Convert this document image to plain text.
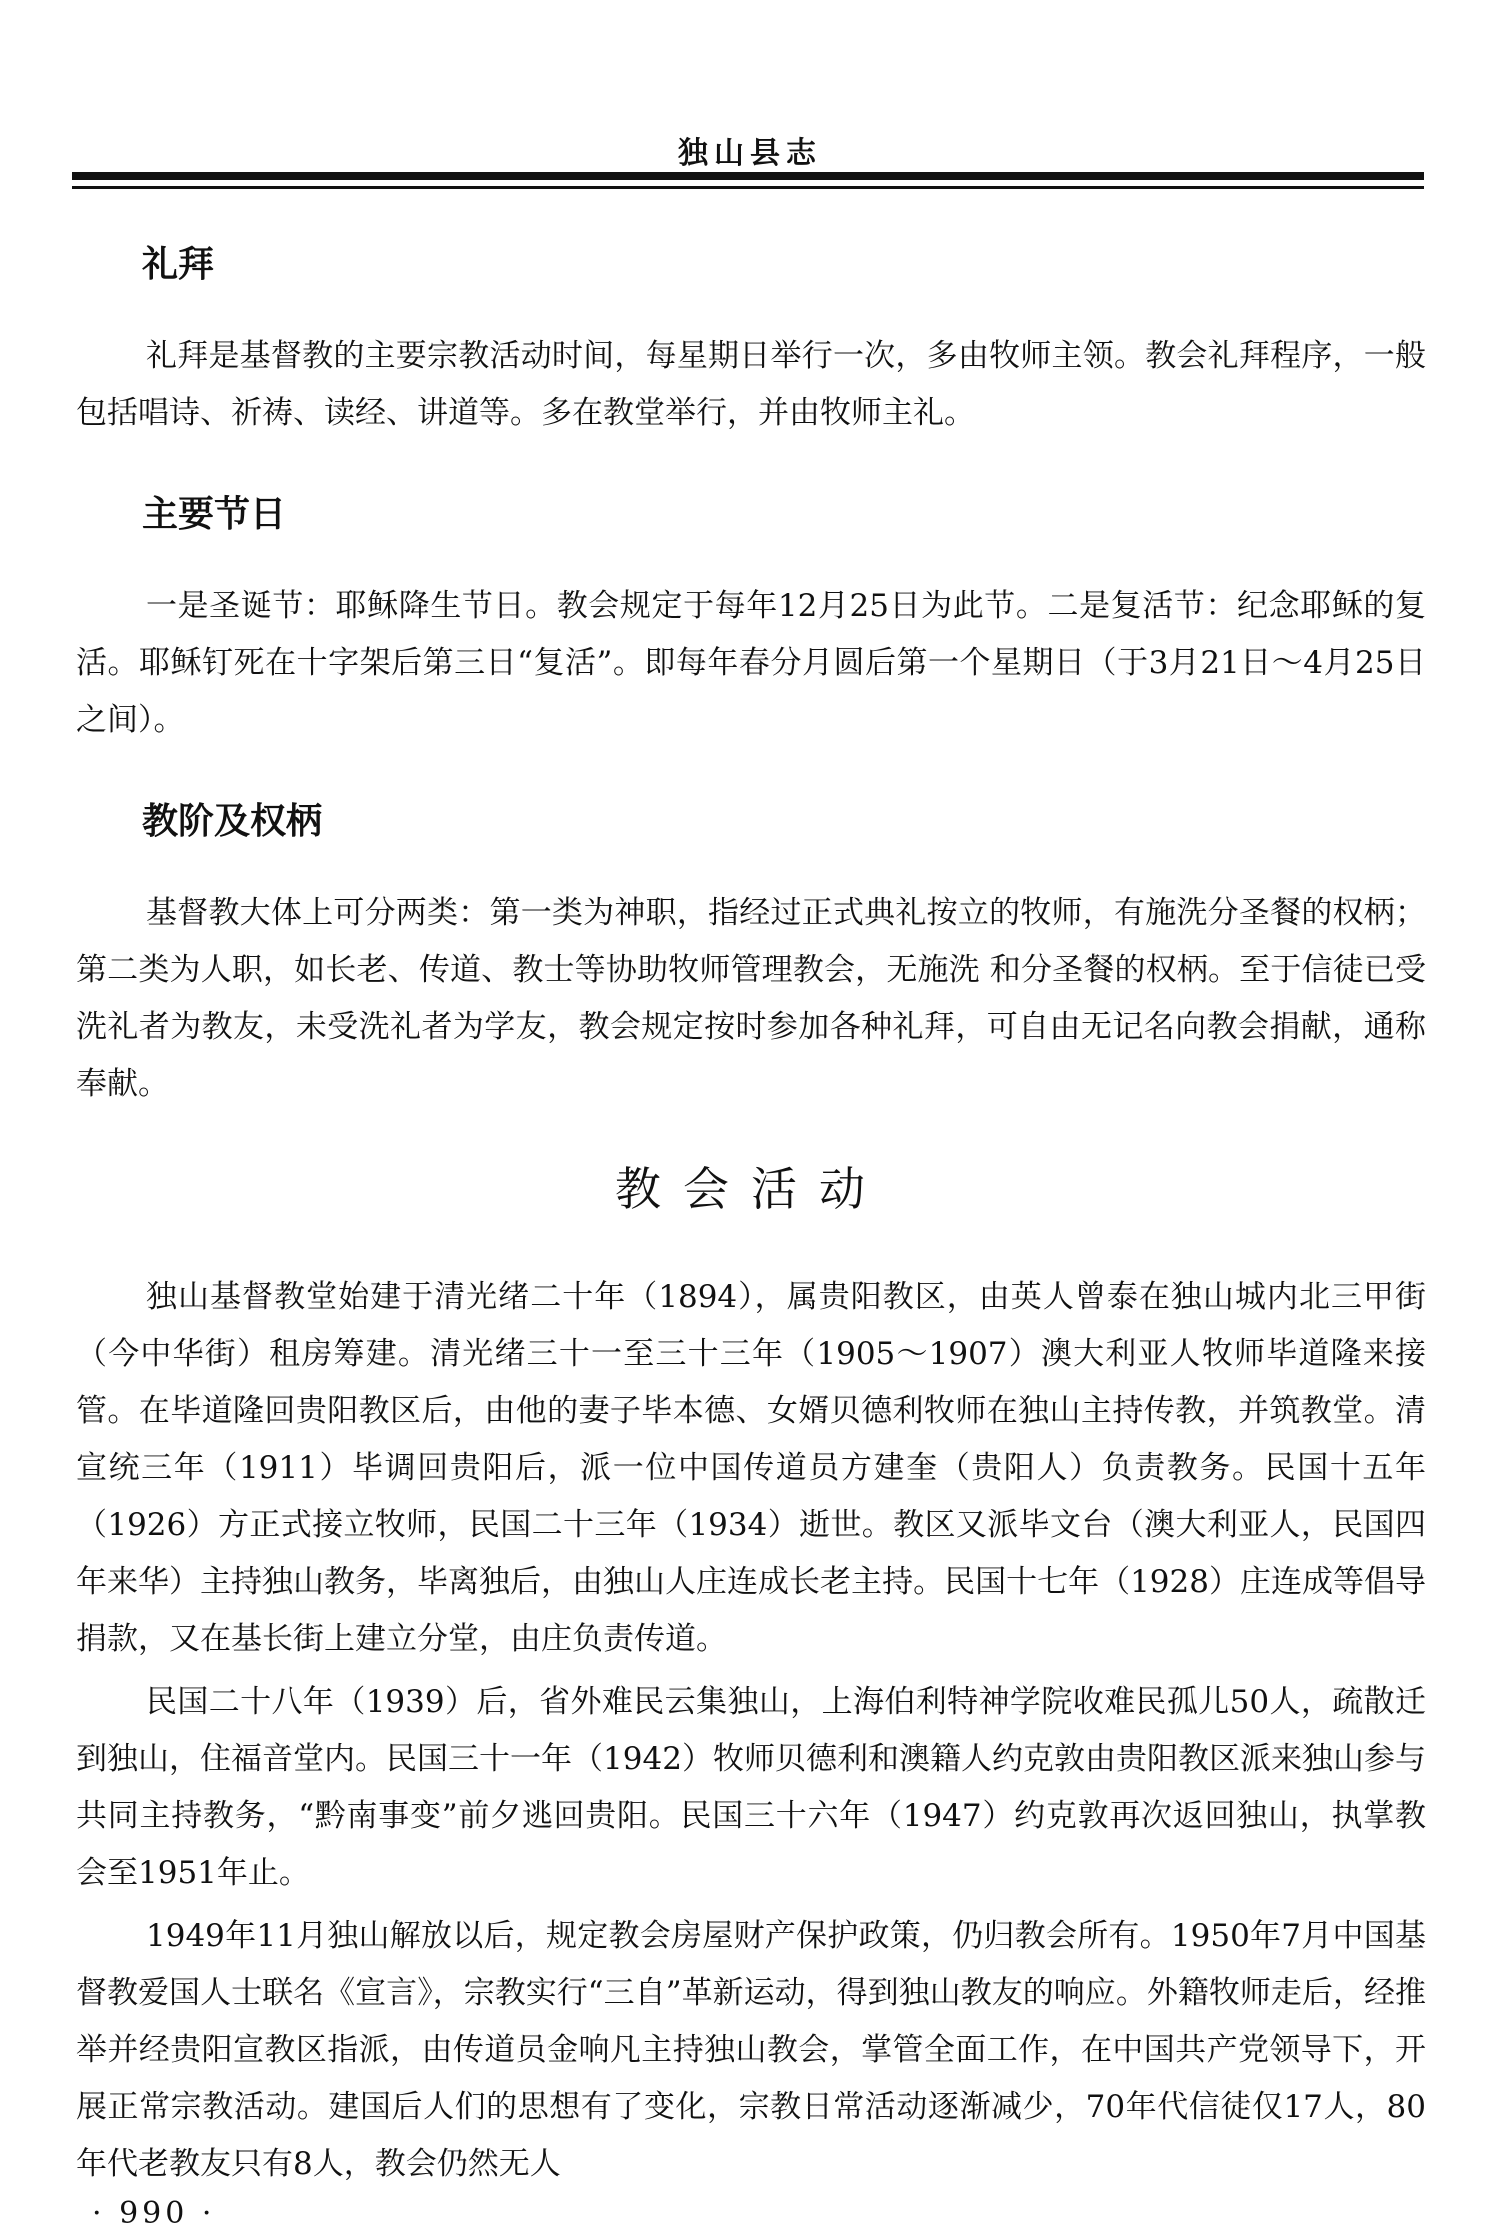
独山县志
礼拜

礼拜是基督教的主要宗教活动时间，每星期日举行一次，多由牧师主领。教会礼拜程序，一般包括唱诗、祈祷、读经、讲道等。多在教堂举行，并由牧师主礼。

主要节日

一是圣诞节：耶稣降生节日。教会规定于每年12月25日为此节。二是复活节：纪念耶稣的复活。耶稣钉死在十字架后第三日“复活”。即每年春分月圆后第一个星期日（于3月21日～4月25日之间）。

教阶及权柄

基督教大体上可分两类：第一类为神职，指经过正式典礼按立的牧师，有施洗分圣餐的权柄；第二类为人职，如长老、传道、教士等协助牧师管理教会，无施洗 和分圣餐的权柄。至于信徒已受洗礼者为教友，未受洗礼者为学友，教会规定按时参加各种礼拜，可自由无记名向教会捐献，通称奉献。

教会活动

独山基督教堂始建于清光绪二十年（1894），属贵阳教区，由英人曾泰在独山城内北三甲街（今中华街）租房筹建。清光绪三十一至三十三年（1905～1907）澳大利亚人牧师毕道隆来接管。在毕道隆回贵阳教区后，由他的妻子毕本德、女婿贝德利牧师在独山主持传教，并筑教堂。清宣统三年（1911）毕调回贵阳后，派一位中国传道员方建奎（贵阳人）负责教务。民国十五年（1926）方正式接立牧师，民国二十三年（1934）逝世。教区又派毕文台（澳大利亚人，民国四年来华）主持独山教务，毕离独后，由独山人庄连成长老主持。民国十七年（1928）庄连成等倡导捐款，又在基长街上建立分堂，由庄负责传道。

民国二十八年（1939）后，省外难民云集独山，上海伯利特神学院收难民孤儿50人，疏散迁到独山，住福音堂内。民国三十一年（1942）牧师贝德利和澳籍人约克敦由贵阳教区派来独山参与共同主持教务，“黔南事变”前夕逃回贵阳。民国三十六年（1947）约克敦再次返回独山，执掌教会至1951年止。

1949年11月独山解放以后，规定教会房屋财产保护政策，仍归教会所有。1950年7月中国基督教爱国人士联名《宣言》，宗教实行“三自”革新运动，得到独山教友的响应。外籍牧师走后，经推举并经贵阳宣教区指派，由传道员金响凡主持独山教会，掌管全面工作，在中国共产党领导下，开展正常宗教活动。建国后人们的思想有了变化，宗教日常活动逐渐减少，70年代信徒仅17人，80年代老教友只有8人，教会仍然无人

· 990 ·
